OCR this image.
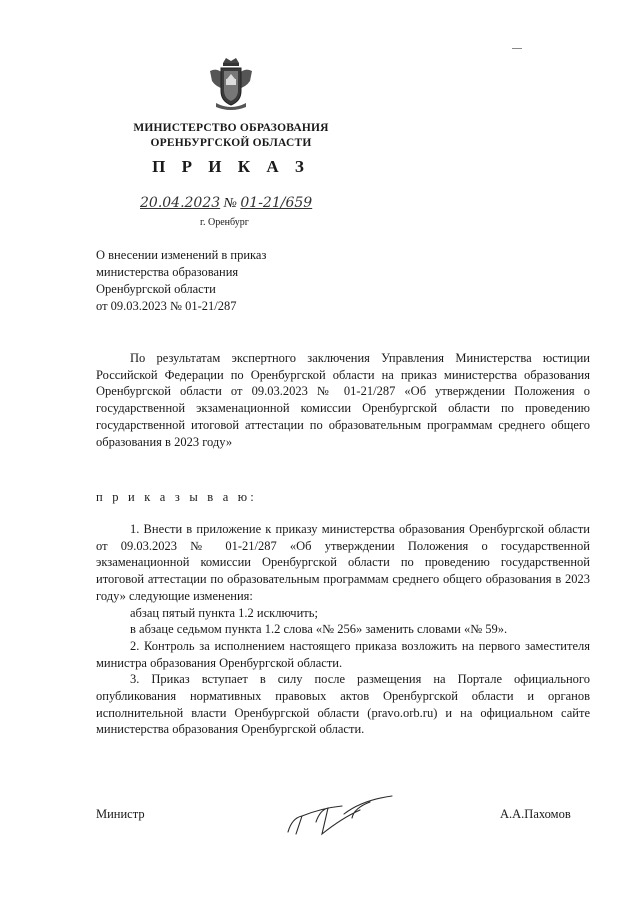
МИНИСТЕРСТВО ОБРАЗОВАНИЯ
ОРЕНБУРГСКОЙ ОБЛАСТИ
П Р И К А З
20.04.2023 № 01-21/659
г. Оренбург
О внесении изменений в приказ
министерства образования
Оренбургской области
от 09.03.2023 № 01-21/287

По результатам экспертного заключения Управления Министерства юстиции Российской Федерации по Оренбургской области на приказ министерства образования Оренбургской области от 09.03.2023 № 01-21/287 «Об утверждении Положения о государственной экзаменационной комиссии Оренбургской области по проведению государственной итоговой аттестации по образовательным программам среднего общего образования в 2023 году»

п р и к а з ы в а ю:

1. Внести в приложение к приказу министерства образования Оренбургской области от 09.03.2023 № 01-21/287 «Об утверждении Положения о государственной экзаменационной комиссии Оренбургской области по проведению государственной итоговой аттестации по образовательным программам среднего общего образования в 2023 году» следующие изменения:

абзац пятый пункта 1.2 исключить;

в абзаце седьмом пункта 1.2 слова «№ 256» заменить словами «№ 59».

2. Контроль за исполнением настоящего приказа возложить на первого заместителя министра образования Оренбургской области.

3. Приказ вступает в силу после размещения на Портале официального опубликования нормативных правовых актов Оренбургской области и органов исполнительной власти Оренбургской области (pravo.orb.ru) и на официальном сайте министерства образования Оренбургской области.

Министр	А.А.Пахомов
